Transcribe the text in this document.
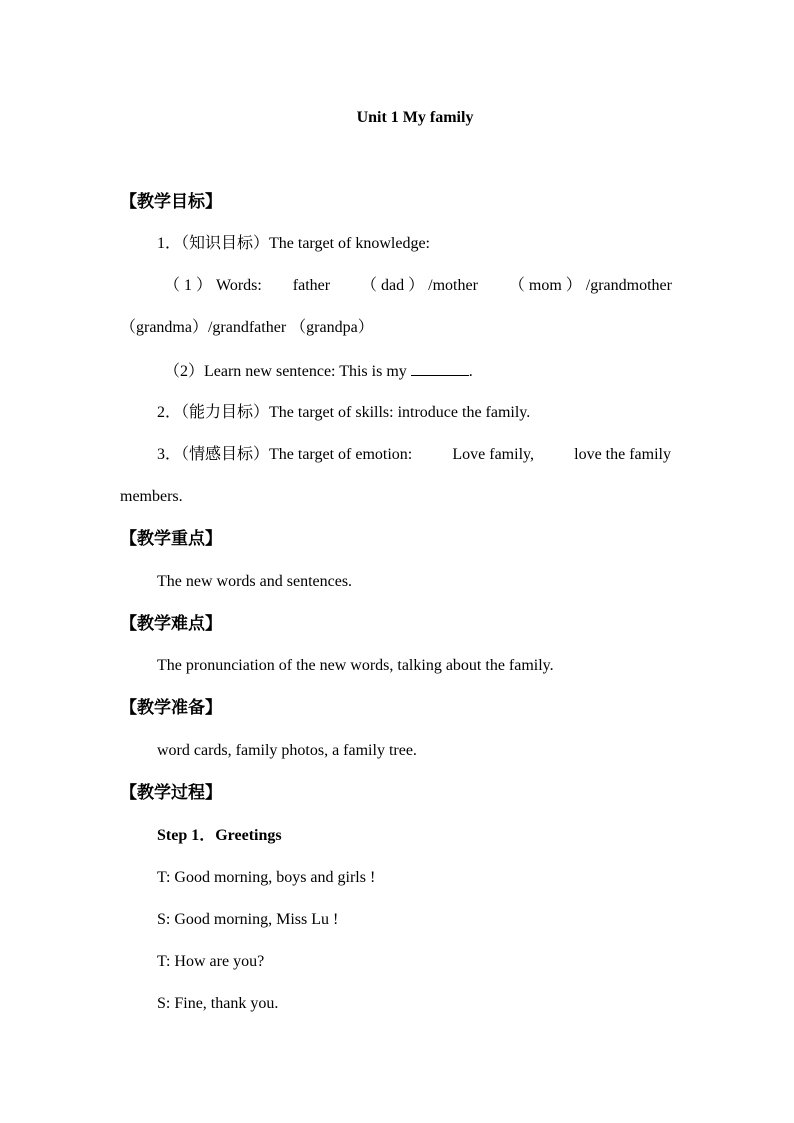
Unit 1 My family
【教学目标】
1．（知识目标）The target of knowledge:
（ 1 ） Words: father （ dad ） /mother （ mom ） /grandmother
（grandma）/grandfather （grandpa）
（2）Learn new sentence: This is my	.
2．（能力目标）The target of skills: introduce the family.
3．（情感目标）The target of emotion:	Love family,	love the family
members.
【教学重点】
The new words and sentences.
【教学难点】
The pronunciation of the new words, talking about the family.
【教学准备】
word cards, family photos, a family tree.
【教学过程】
Step 1．Greetings
T: Good morning, boys and girls !
S: Good morning, Miss Lu !
T: How are you?
S: Fine, thank you.
